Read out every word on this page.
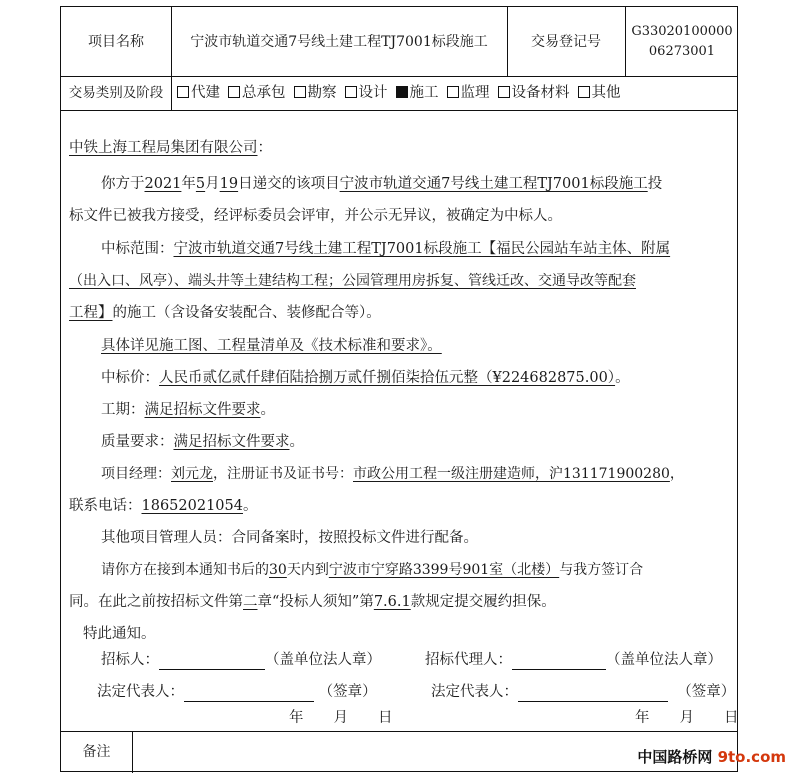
项目名称	宁波市轨道交通7号线土建工程TJ7001标段施工	交易登记号
G3302010000006273001
交易类别及阶段	代建 总承包 勘察 设计 施工 监理 设备材料 其他
中铁上海工程局集团有限公司：
你方于2021年5月19日递交的该项目宁波市轨道交通7号线土建工程TJ7001标段施工投
标文件已被我方接受，经评标委员会评审，并公示无异议，被确定为中标人。
中标范围：宁波市轨道交通7号线土建工程TJ7001标段施工【福民公园站车站主体、附属
（出入口、风亭）、端头井等土建结构工程；公园管理用房拆复、管线迁改、交通导改等配套
工程】的施工（含设备安装配合、装修配合等）。
具体详见施工图、工程量清单及《技术标准和要求》。
中标价：人民币贰亿贰仟肆佰陆拾捌万贰仟捌佰柒拾伍元整（¥224682875.00）。
工期：满足招标文件要求。
质量要求：满足招标文件要求。
项目经理：刘元龙，注册证书及证书号：市政公用工程一级注册建造师，沪131171900280，
联系电话：18652021054。
其他项目管理人员：合同备案时，按照投标文件进行配备。
请你方在接到本通知书后的30天内到宁波市宁穿路3399号901室（北楼）与我方签订合
同。在此之前按招标文件第二章“投标人须知”第7.6.1款规定提交履约担保。
特此通知。
招标人：	（盖单位法人章）	招标代理人：	（盖单位法人章）
法定代表人：	（签章）	法定代表人：	（签章）
年 月 日	年 月 日
备注	中国路桥网 9to.com
